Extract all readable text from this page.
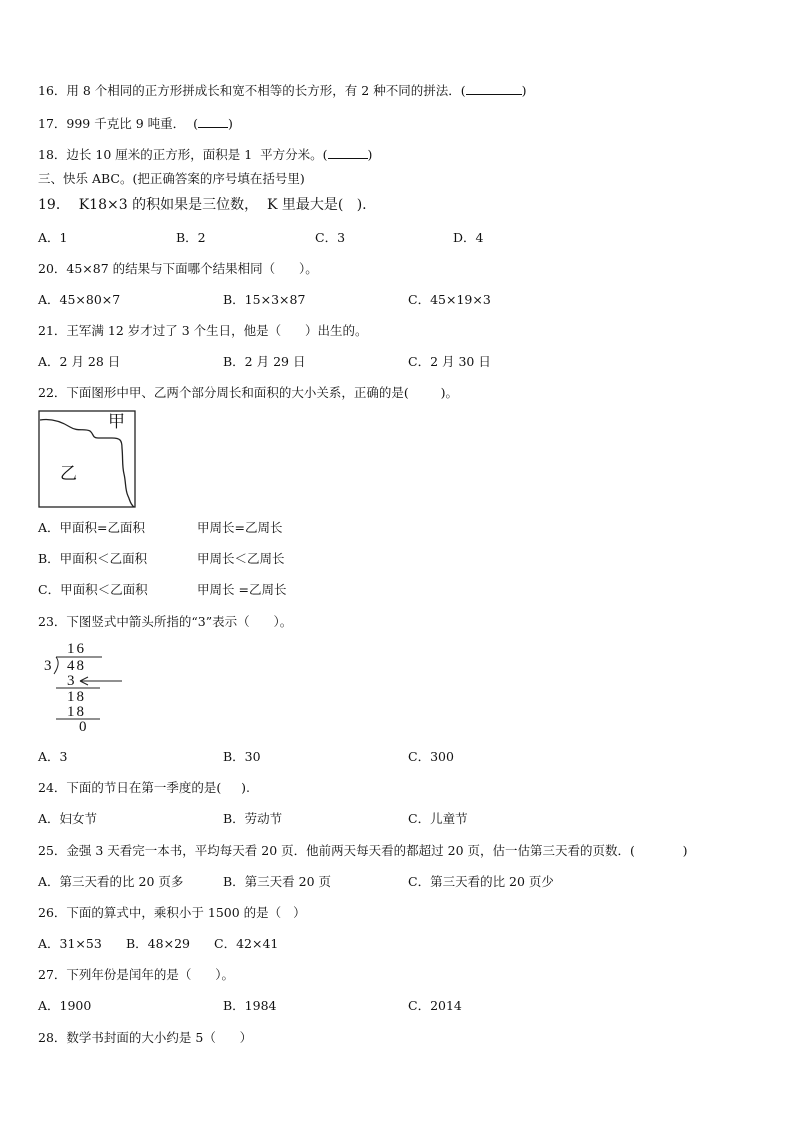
16．用 8 个相同的正方形拼成长和宽不相等的长方形，有 2 种不同的拼法．(	)
17．999 千克比 9 吨重．  ( )
18．边长 10 厘米的正方形，面积是 1  平方分米。(	)
三、快乐 ABC。(把正确答案的序号填在括号里)
19．  K18×3 的积如果是三位数，  K 里最大是(   ).
A．1	B．2	C．3	D．4
20．45×87 的结果与下面哪个结果相同（      ）。
A．45×80×7	B．15×3×87	C．45×19×3
21．王军满 12 岁才过了 3 个生日，他是（      ）出生的。
A．2 月 28 日	B．2 月 29 日	C．2 月 30 日
22．下面图形中甲、乙两个部分周长和面积的大小关系，正确的是(        )。
甲
乙
A．甲面积=乙面积	甲周长=乙周长
B．甲面积＜乙面积	甲周长＜乙周长
C．甲面积＜乙面积	甲周长 =乙周长
23．下图竖式中箭头所指的“3”表示（      ）。
16
3 48
3
18
18
0
A．3	B．30	C．300
24．下面的节日在第一季度的是(     ).
A．妇女节	B．劳动节	C．儿童节
25．金强 3 天看完一本书，平均每天看 20 页．他前两天每天看的都超过 20 页，估一估第三天看的页数．(            )
A．第三天看的比 20 页多	B．第三天看 20 页	C．第三天看的比 20 页少
26．下面的算式中，乘积小于 1500 的是（   ）
A．31×53 B．48×29 C．42×41
27．下列年份是闰年的是（      ）。
A．1900	B．1984	C．2014
28．数学书封面的大小约是 5（      ）
